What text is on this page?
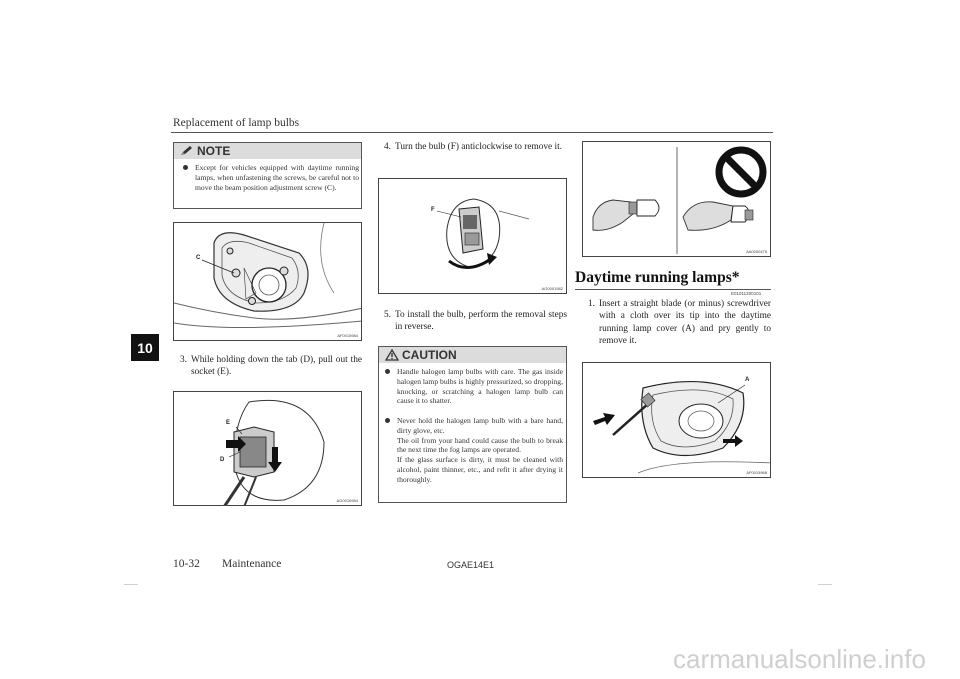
Replacement of lamp bulbs
10
NOTE
Except for vehicles equipped with daytime running lamps, when unfastening the screws, be careful not to move the beam position adjustment screw (C).
C
AF0015984
3. While holding down the tab (D), pull out the socket (E).
E
D
AG0016984
4. Turn the bulb (F) anticlockwise to remove it.
F
AG0001582
5. To install the bulb, perform the removal steps in reverse.
CAUTION
Handle halogen lamp bulbs with care. The gas inside halogen lamp bulbs is highly pressurized, so dropping, knocking, or scratching a halogen lamp bulb can cause it to shatter.
Never hold the halogen lamp bulb with a bare hand, dirty glove, etc.
The oil from your hand could cause the bulb to break the next time the fog lamps are operated.
If the glass surface is dirty, it must be cleaned with alcohol, paint thinner, etc., and refit it after drying it thoroughly.
AA0000475
Daytime running lamps*
E01011200101
1. Insert a straight blade (or minus) screwdriver with a cloth over its tip into the daytime running lamp cover (A) and pry gently to remove it.
A
AF0015968
10-32 Maintenance	OGAE14E1
carmanualsonline.info
